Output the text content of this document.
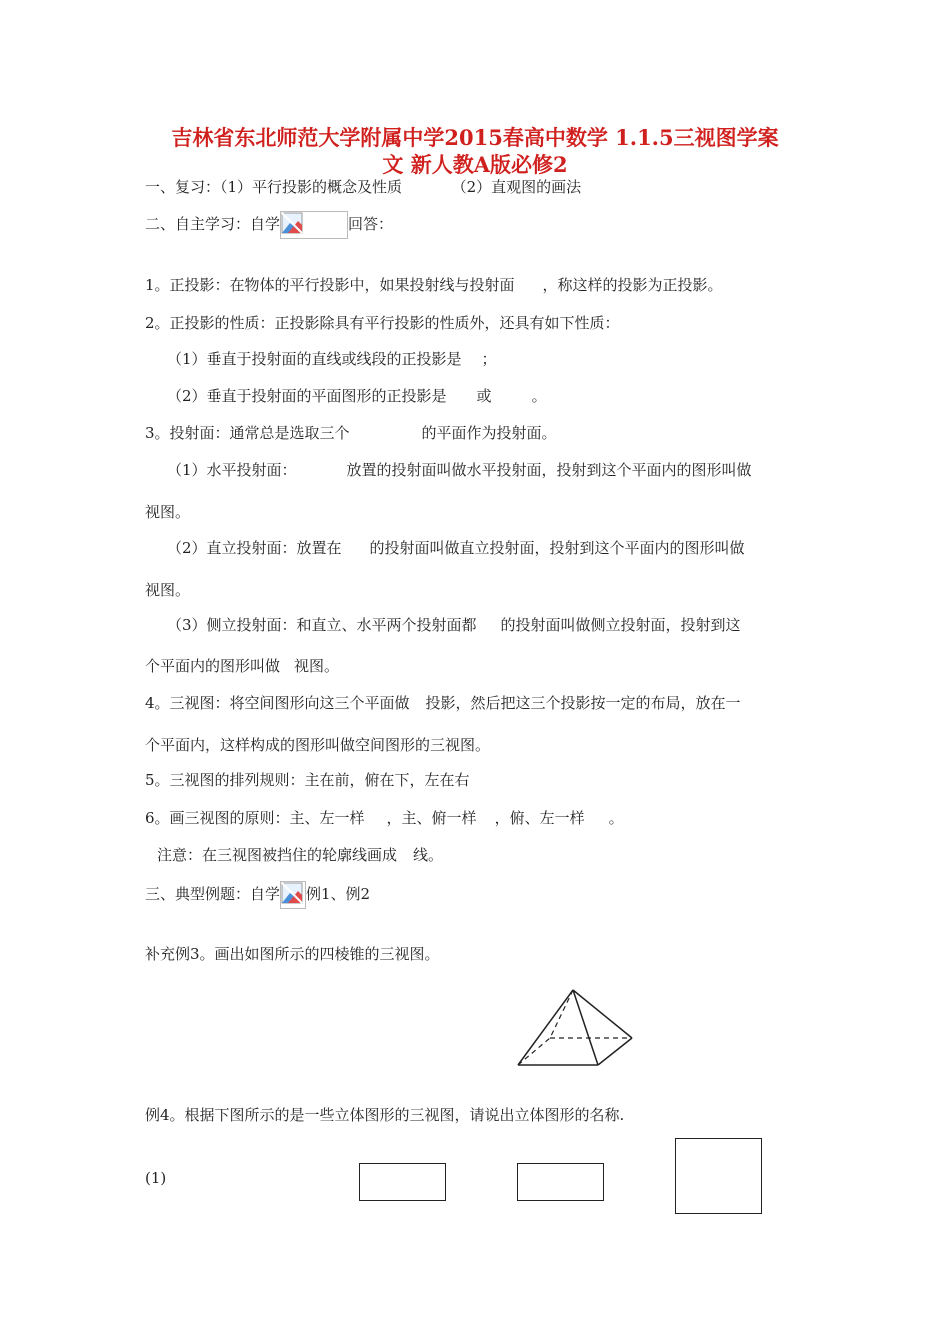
吉林省东北师范大学附属中学2015春高中数学 1.1.5三视图学案
文 新人教A版必修2
一、复习：（1）平行投影的概念及性质	（2）直观图的画法
二、自主学习：自学	回答：
1。正投影：在物体的平行投影中，如果投射线与投射面 ，称这样的投影为正投影。
2。正投影的性质：正投影除具有平行投影的性质外，还具有如下性质：
（1）垂直于投射面的直线或线段的正投影是 ；
（2）垂直于投射面的平面图形的正投影是 或	。
3。投射面：通常总是选取三个	的平面作为投射面。
（1）水平投射面：	放置的投射面叫做水平投射面，投射到这个平面内的图形叫做
视图。
（2）直立投射面：放置在 的投射面叫做直立投射面，投射到这个平面内的图形叫做
视图。
（3）侧立投射面：和直立、水平两个投射面都 的投射面叫做侧立投射面，投射到这
个平面内的图形叫做 视图。
4。三视图：将空间图形向这三个平面做 投影，然后把这三个投影按一定的布局，放在一
个平面内，这样构成的图形叫做空间图形的三视图。
5。三视图的排列规则：主在前，俯在下，左在右
6。画三视图的原则：主、左一样 ，主、俯一样 ，俯、左一样 。
注意：在三视图被挡住的轮廓线画成 线。
三、典型例题：自学 例1、例2
补充例3。画出如图所示的四棱锥的三视图。
例4。根据下图所示的是一些立体图形的三视图，请说出立体图形的名称.
(1)
